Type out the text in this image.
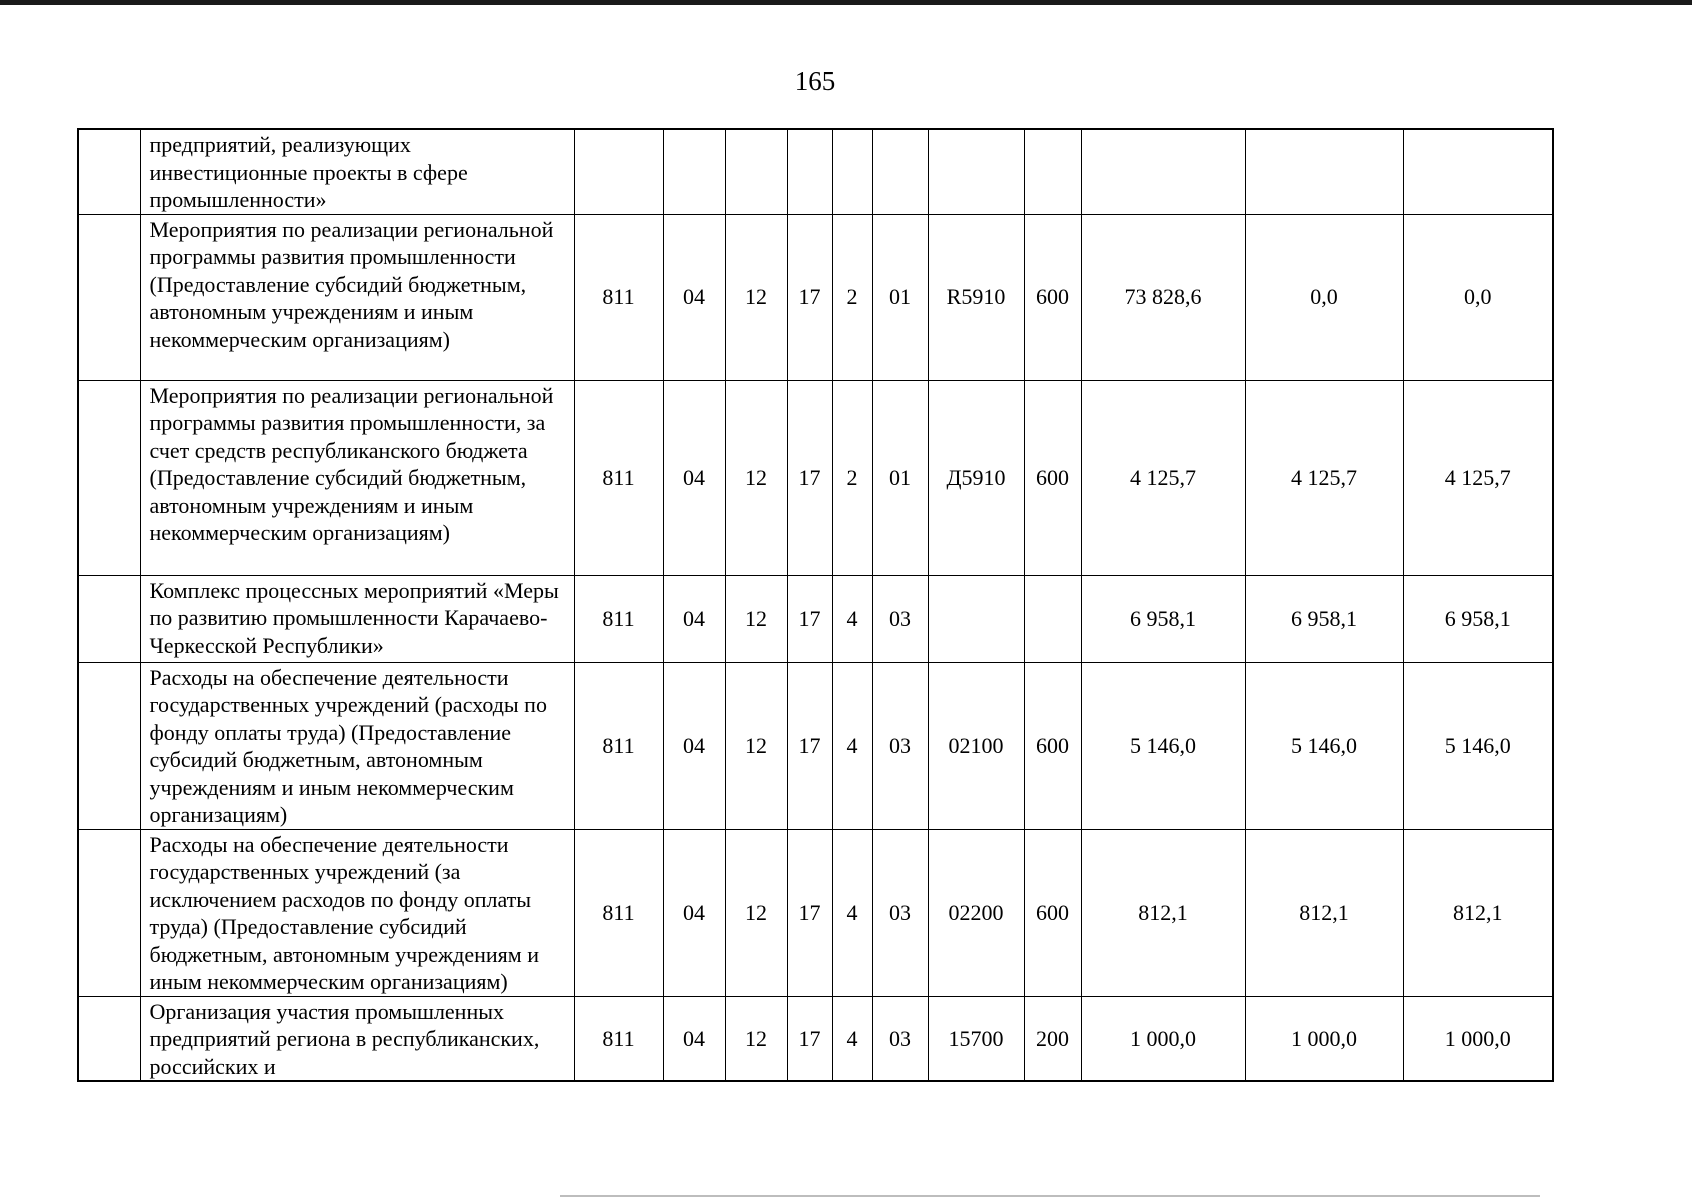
165
	предприятий, реализующих инвестиционные проекты в сфере промышленности»											
	Мероприятия по реализации региональной программы развития промышленности (Предоставление субсидий бюджетным, автономным учреждениям и иным некоммерческим организациям)	811	04	12	17	2	01	R5910	600	73 828,6	0,0	0,0
	Мероприятия по реализации региональной программы развития промышленности, за счет средств республиканского бюджета (Предоставление субсидий бюджетным, автономным учреждениям и иным некоммерческим организациям)	811	04	12	17	2	01	Д5910	600	4 125,7	4 125,7	4 125,7
	Комплекс процессных мероприятий «Меры по развитию промышленности Карачаево-Черкесской Республики»	811	04	12	17	4	03			6 958,1	6 958,1	6 958,1
	Расходы на обеспечение деятельности государственных учреждений (расходы по фонду оплаты труда) (Предоставление субсидий бюджетным, автономным учреждениям и иным некоммерческим организациям)	811	04	12	17	4	03	02100	600	5 146,0	5 146,0	5 146,0
	Расходы на обеспечение деятельности государственных учреждений (за исключением расходов по фонду оплаты труда) (Предоставление субсидий бюджетным, автономным учреждениям и иным некоммерческим организациям)	811	04	12	17	4	03	02200	600	812,1	812,1	812,1
	Организация участия промышленных предприятий региона в республиканских, российских и	811	04	12	17	4	03	15700	200	1 000,0	1 000,0	1 000,0
